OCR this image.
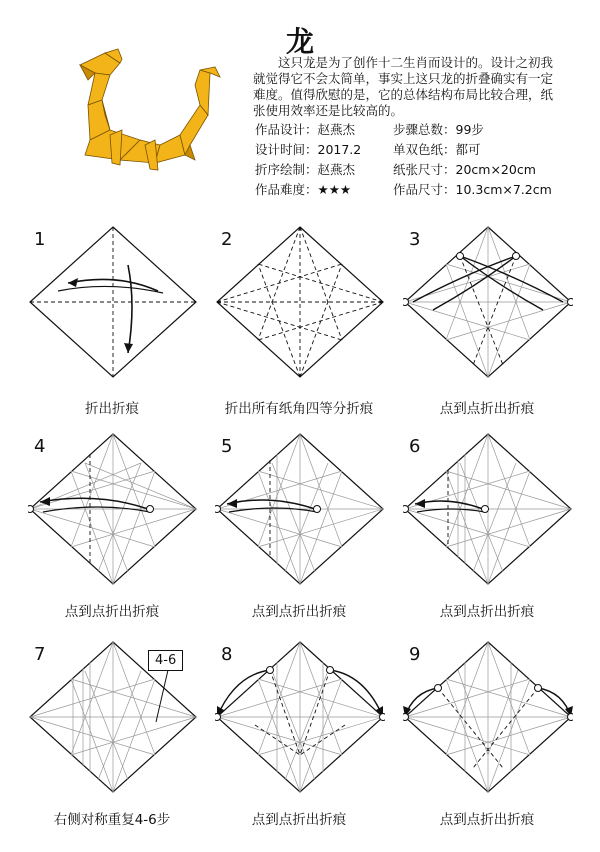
龙
这只龙是为了创作十二生肖而设计的。设计之初我就觉得它不会太简单，事实上这只龙的折叠确实有一定难度。值得欣慰的是，它的总体结构布局比较合理，纸张使用效率还是比较高的。
作品设计：赵燕杰
设计时间：2017.2
折序绘制：赵燕杰
作品难度：★★★
步骤总数：99步
单双色纸：都可
纸张尺寸：20cm×20cm
作品尺寸：10.3cm×7.2cm
1
折出折痕
2
折出所有纸角四等分折痕
3
点到点折出折痕
4
点到点折出折痕
5
点到点折出折痕
6
点到点折出折痕
7	4-6
右侧对称重复4-6步
8
点到点折出折痕
9
点到点折出折痕
